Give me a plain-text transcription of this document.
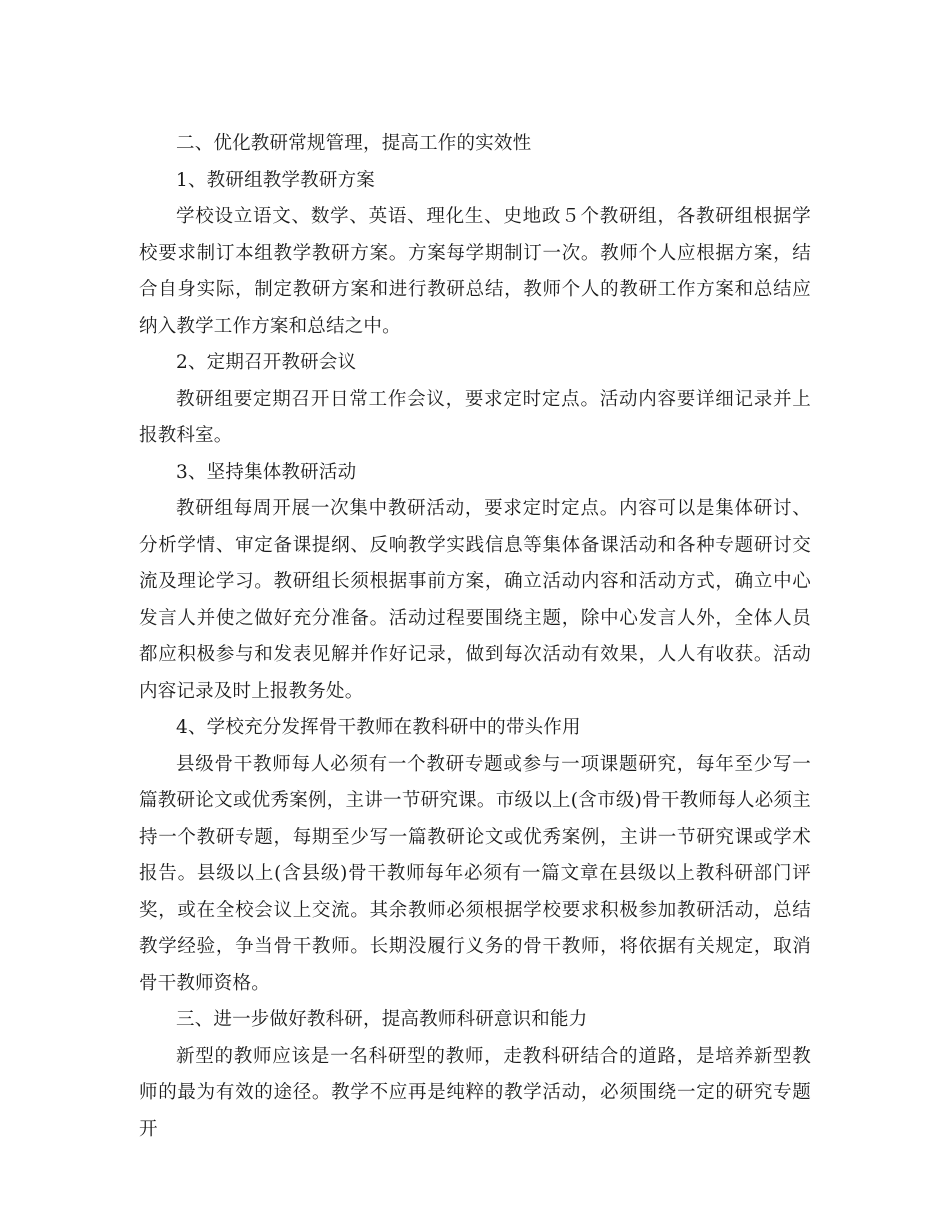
二、优化教研常规管理，提高工作的实效性

1、教研组教学教研方案

学校设立语文、数学、英语、理化生、史地政５个教研组，各教研组根据学校要求制订本组教学教研方案。方案每学期制订一次。教师个人应根据方案，结合自身实际，制定教研方案和进行教研总结，教师个人的教研工作方案和总结应纳入教学工作方案和总结之中。

2、定期召开教研会议

教研组要定期召开日常工作会议，要求定时定点。活动内容要详细记录并上报教科室。

3、坚持集体教研活动

教研组每周开展一次集中教研活动，要求定时定点。内容可以是集体研讨、分析学情、审定备课提纲、反响教学实践信息等集体备课活动和各种专题研讨交流及理论学习。教研组长须根据事前方案，确立活动内容和活动方式，确立中心发言人并使之做好充分准备。活动过程要围绕主题，除中心发言人外，全体人员都应积极参与和发表见解并作好记录，做到每次活动有效果，人人有收获。活动内容记录及时上报教务处。

4、学校充分发挥骨干教师在教科研中的带头作用

县级骨干教师每人必须有一个教研专题或参与一项课题研究，每年至少写一篇教研论文或优秀案例，主讲一节研究课。市级以上(含市级)骨干教师每人必须主持一个教研专题，每期至少写一篇教研论文或优秀案例，主讲一节研究课或学术报告。县级以上(含县级)骨干教师每年必须有一篇文章在县级以上教科研部门评奖，或在全校会议上交流。其余教师必须根据学校要求积极参加教研活动，总结教学经验，争当骨干教师。长期没履行义务的骨干教师，将依据有关规定，取消骨干教师资格。

三、进一步做好教科研，提高教师科研意识和能力

新型的教师应该是一名科研型的教师，走教科研结合的道路，是培养新型教师的最为有效的途径。教学不应再是纯粹的教学活动，必须围绕一定的研究专题开
